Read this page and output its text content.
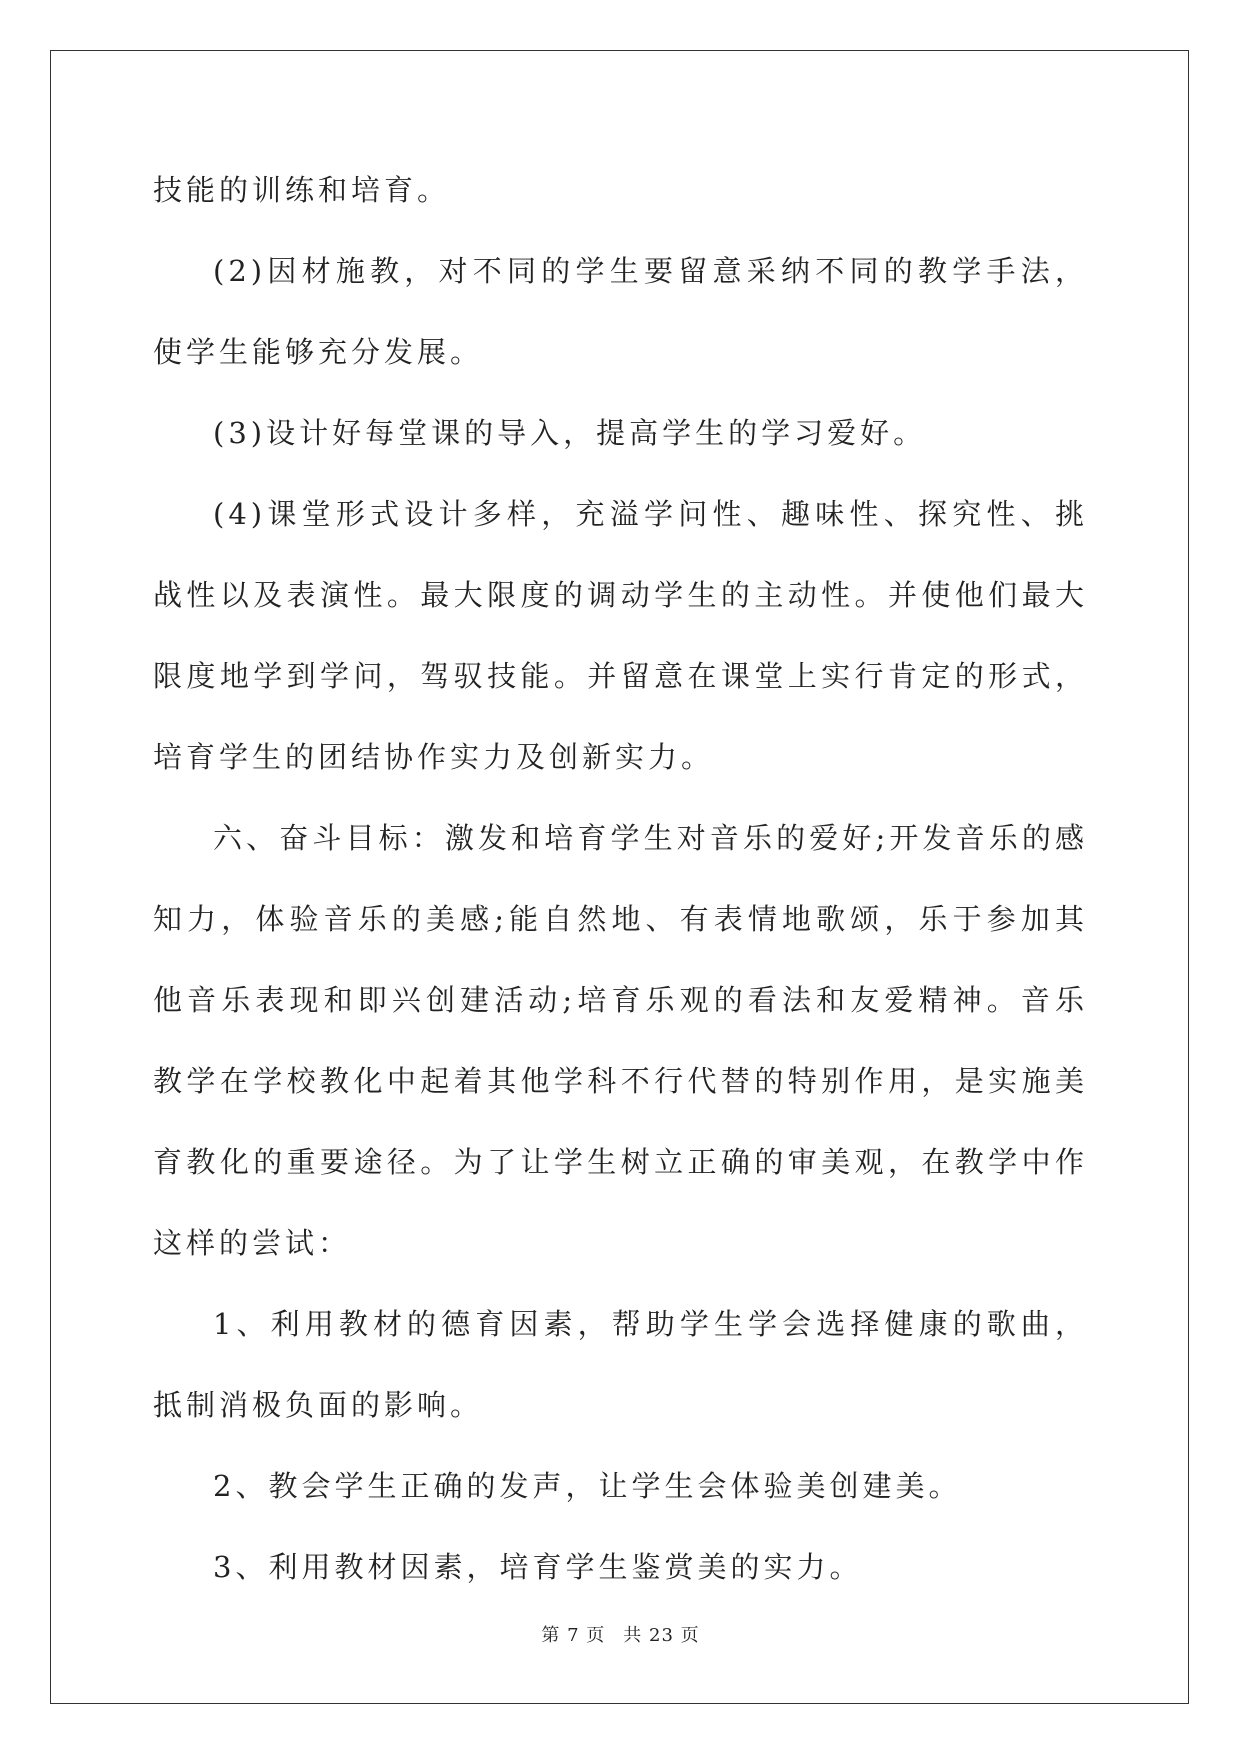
技能的训练和培育。

(2)因材施教，对不同的学生要留意采纳不同的教学手法，使学生能够充分发展。

(3)设计好每堂课的导入，提高学生的学习爱好。

(4)课堂形式设计多样，充溢学问性、趣味性、探究性、挑战性以及表演性。最大限度的调动学生的主动性。并使他们最大限度地学到学问，驾驭技能。并留意在课堂上实行肯定的形式，培育学生的团结协作实力及创新实力。

六、奋斗目标：激发和培育学生对音乐的爱好;开发音乐的感知力，体验音乐的美感;能自然地、有表情地歌颂，乐于参加其他音乐表现和即兴创建活动;培育乐观的看法和友爱精神。音乐教学在学校教化中起着其他学科不行代替的特别作用，是实施美育教化的重要途径。为了让学生树立正确的审美观，在教学中作这样的尝试：

1、利用教材的德育因素，帮助学生学会选择健康的歌曲，抵制消极负面的影响。

2、教会学生正确的发声，让学生会体验美创建美。

3、利用教材因素，培育学生鉴赏美的实力。

第 7 页 共 23 页
